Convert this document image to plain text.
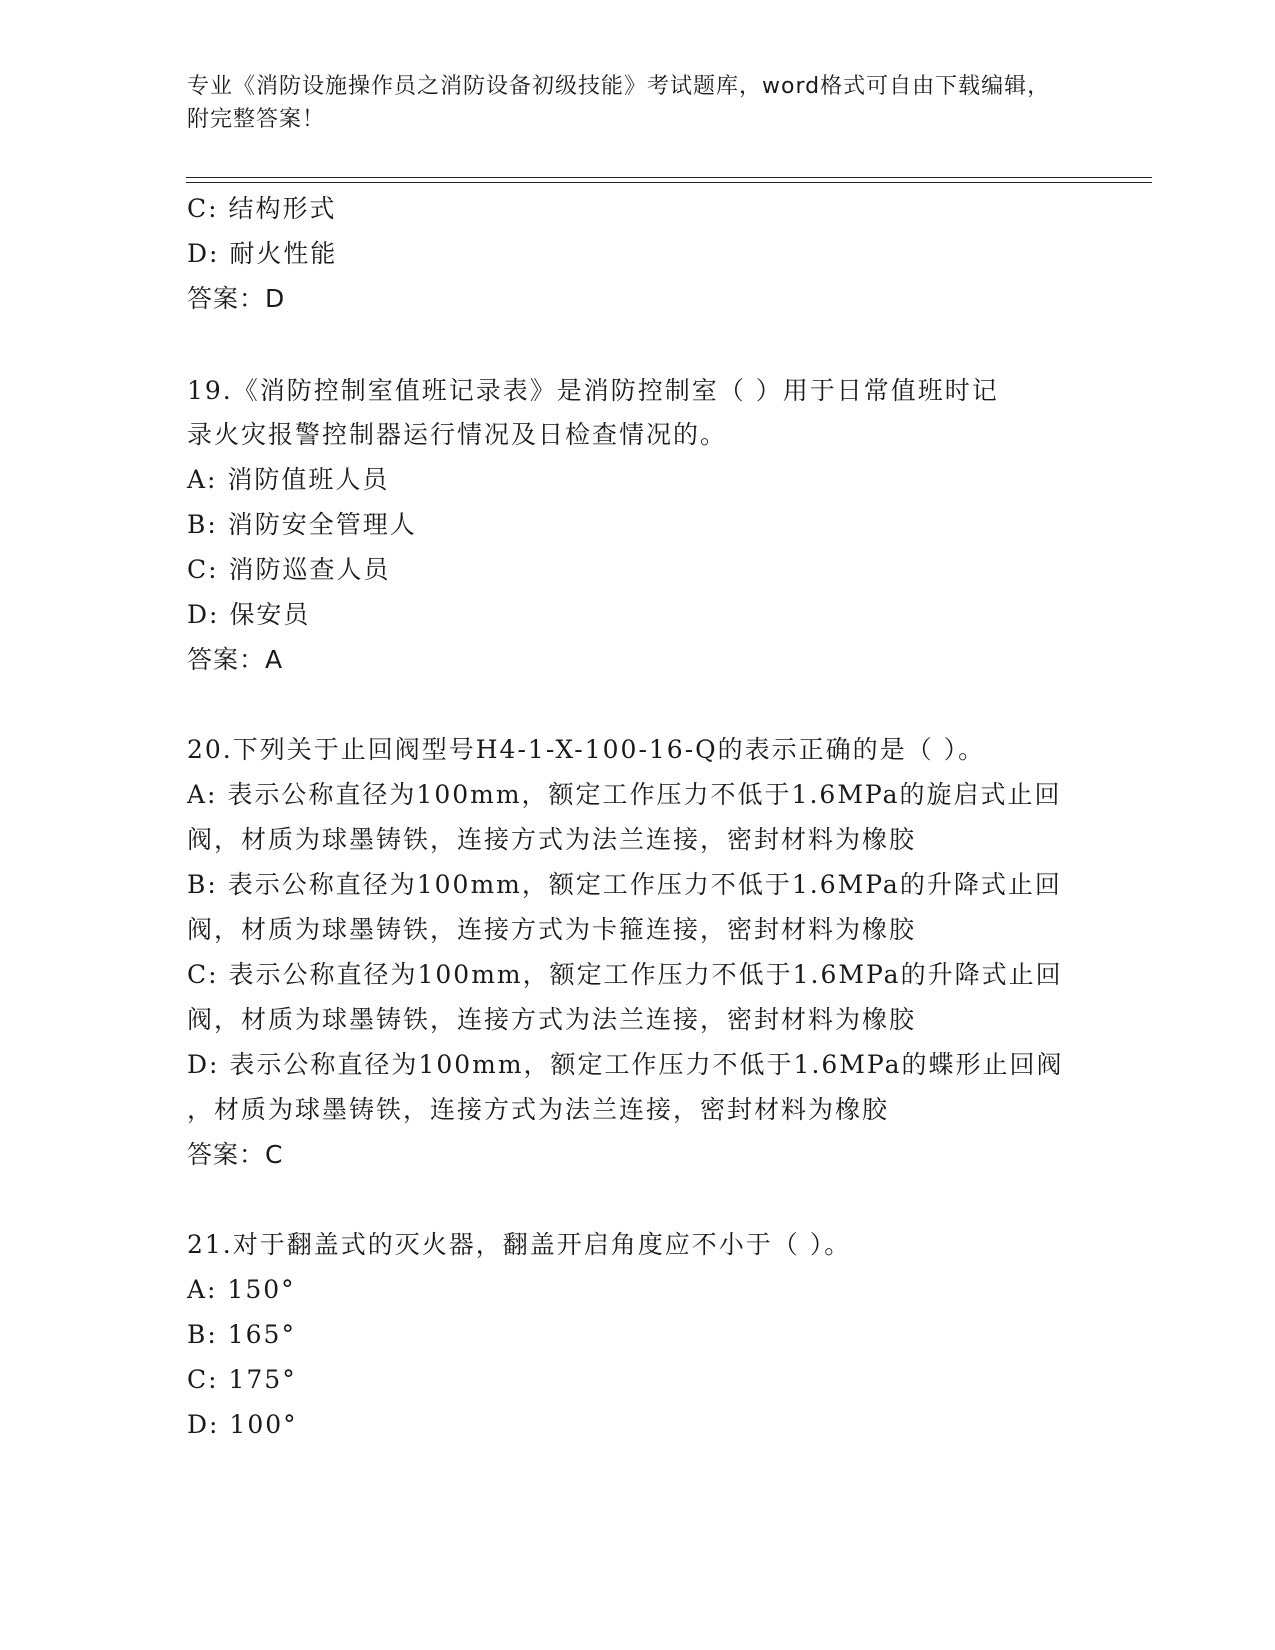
专业《消防设施操作员之消防设备初级技能》考试题库，word格式可自由下载编辑，附完整答案！
C: 结构形式
D: 耐火性能
答案：D
19.《消防控制室值班记录表》是消防控制室（ ）用于日常值班时记
录火灾报警控制器运行情况及日检查情况的。
A: 消防值班人员
B: 消防安全管理人
C: 消防巡查人员
D: 保安员
答案：A
20.下列关于止回阀型号H4-1-X-100-16-Q的表示正确的是（ ）。
A: 表示公称直径为100mm，额定工作压力不低于1.6MPa的旋启式止回
阀，材质为球墨铸铁，连接方式为法兰连接，密封材料为橡胶
B: 表示公称直径为100mm，额定工作压力不低于1.6MPa的升降式止回
阀，材质为球墨铸铁，连接方式为卡箍连接，密封材料为橡胶
C: 表示公称直径为100mm，额定工作压力不低于1.6MPa的升降式止回
阀，材质为球墨铸铁，连接方式为法兰连接，密封材料为橡胶
D: 表示公称直径为100mm，额定工作压力不低于1.6MPa的蝶形止回阀
，材质为球墨铸铁，连接方式为法兰连接，密封材料为橡胶
答案：C
21.对于翻盖式的灭火器，翻盖开启角度应不小于（ ）。
A: 150°
B: 165°
C: 175°
D: 100°
